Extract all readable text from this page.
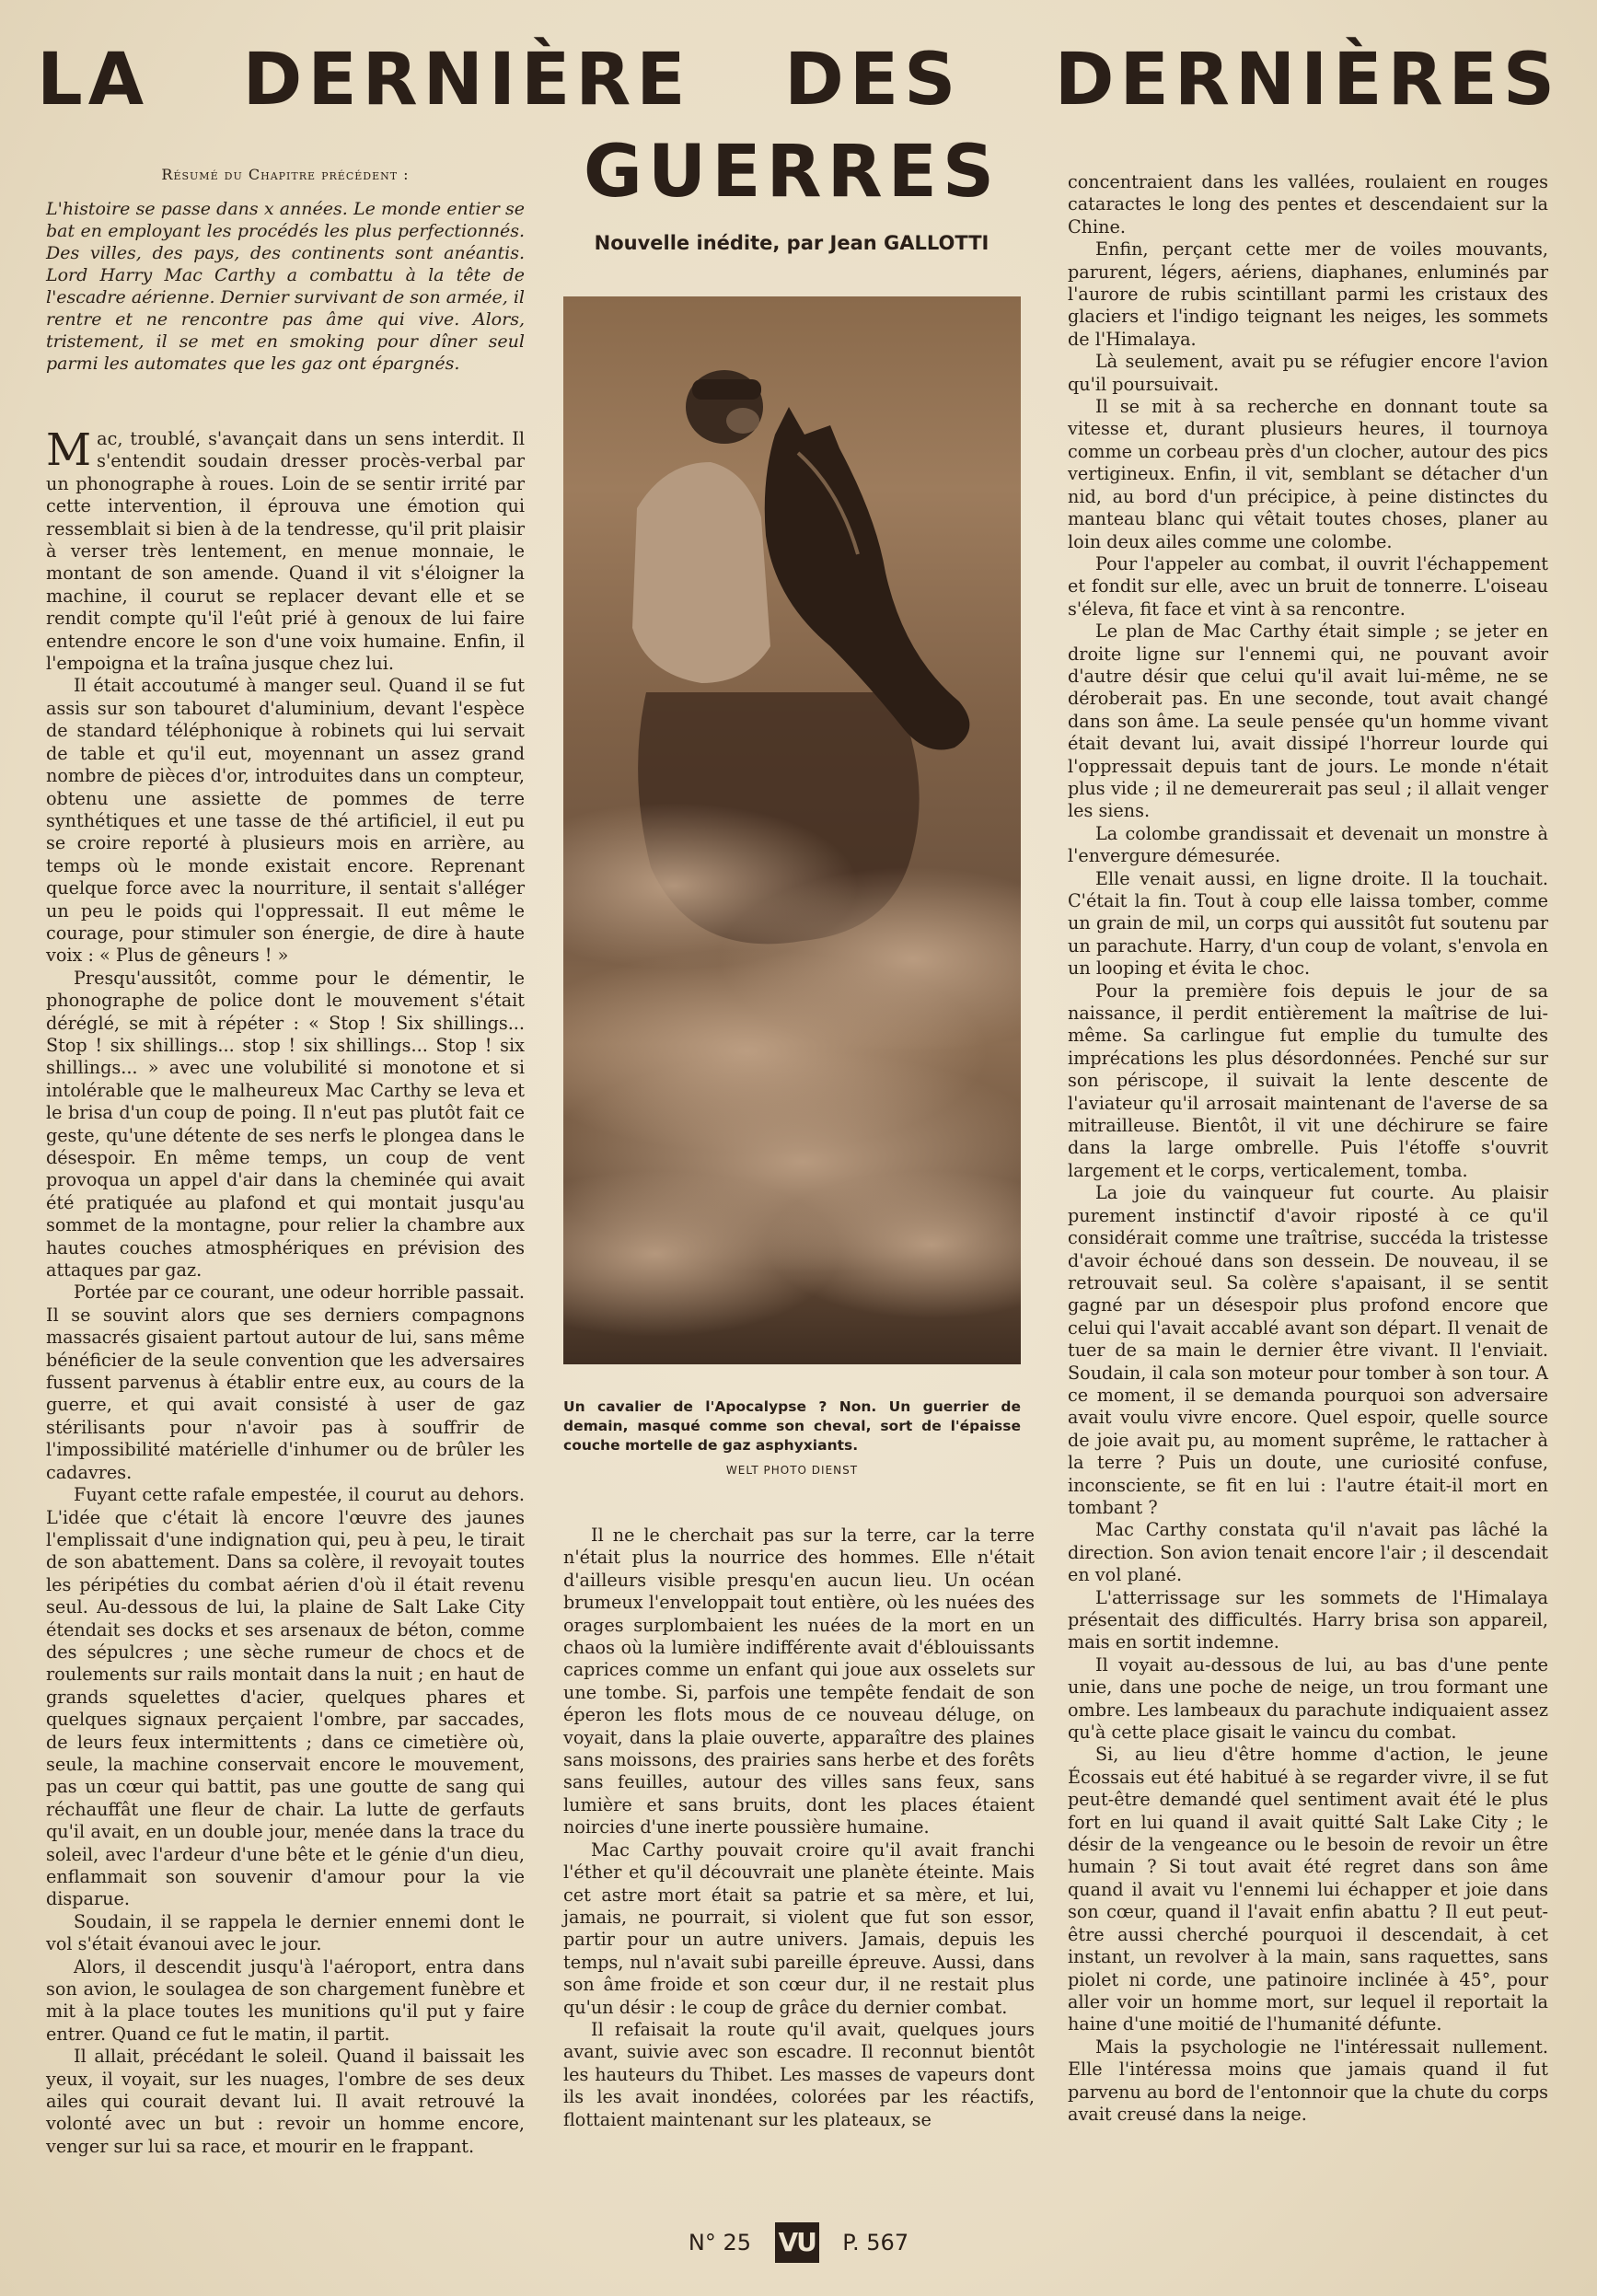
LA DERNIÈRE DES DERNIÈRES
GUERRES
Nouvelle inédite, par Jean GALLOTTI
Résumé du Chapitre précédent :

L'histoire se passe dans x années. Le monde entier se bat en employant les procédés les plus perfectionnés. Des villes, des pays, des continents sont anéantis. Lord Harry Mac Carthy a combattu à la tête de l'escadre aérienne. Dernier survivant de son armée, il rentre et ne rencontre pas âme qui vive. Alors, tristement, il se met en smoking pour dîner seul parmi les automates que les gaz ont épargnés.

Mac, troublé, s'avançait dans un sens interdit. Il s'entendit soudain dresser procès-verbal par un phonographe à roues. Loin de se sentir irrité par cette intervention, il éprouva une émotion qui ressemblait si bien à de la tendresse, qu'il prit plaisir à verser très lentement, en menue monnaie, le montant de son amende. Quand il vit s'éloigner la machine, il courut se replacer devant elle et se rendit compte qu'il l'eût prié à genoux de lui faire entendre encore le son d'une voix humaine. Enfin, il l'empoigna et la traîna jusque chez lui.

Il était accoutumé à manger seul. Quand il se fut assis sur son tabouret d'aluminium, devant l'espèce de standard téléphonique à robinets qui lui servait de table et qu'il eut, moyennant un assez grand nombre de pièces d'or, introduites dans un compteur, obtenu une assiette de pommes de terre synthétiques et une tasse de thé artificiel, il eut pu se croire reporté à plusieurs mois en arrière, au temps où le monde existait encore. Reprenant quelque force avec la nourriture, il sentait s'alléger un peu le poids qui l'oppressait. Il eut même le courage, pour stimuler son énergie, de dire à haute voix : « Plus de gêneurs ! »

Presqu'aussitôt, comme pour le démentir, le phonographe de police dont le mouvement s'était déréglé, se mit à répéter : « Stop ! Six shillings... Stop ! six shillings... stop ! six shillings... Stop ! six shillings... » avec une volubilité si monotone et si intolérable que le malheureux Mac Carthy se leva et le brisa d'un coup de poing. Il n'eut pas plutôt fait ce geste, qu'une détente de ses nerfs le plongea dans le désespoir. En même temps, un coup de vent provoqua un appel d'air dans la cheminée qui avait été pratiquée au plafond et qui montait jusqu'au sommet de la montagne, pour relier la chambre aux hautes couches atmosphériques en prévision des attaques par gaz.

Portée par ce courant, une odeur horrible passait. Il se souvint alors que ses derniers compagnons massacrés gisaient partout autour de lui, sans même bénéficier de la seule convention que les adversaires fussent parvenus à établir entre eux, au cours de la guerre, et qui avait consisté à user de gaz stérilisants pour n'avoir pas à souffrir de l'impossibilité matérielle d'inhumer ou de brûler les cadavres.

Fuyant cette rafale empestée, il courut au dehors. L'idée que c'était là encore l'œuvre des jaunes l'emplissait d'une indignation qui, peu à peu, le tirait de son abattement. Dans sa colère, il revoyait toutes les péripéties du combat aérien d'où il était revenu seul. Au-dessous de lui, la plaine de Salt Lake City étendait ses docks et ses arsenaux de béton, comme des sépulcres ; une sèche rumeur de chocs et de roulements sur rails montait dans la nuit ; en haut de grands squelettes d'acier, quelques phares et quelques signaux perçaient l'ombre, par saccades, de leurs feux intermittents ; dans ce cimetière où, seule, la machine conservait encore le mouvement, pas un cœur qui battit, pas une goutte de sang qui réchauffât une fleur de chair. La lutte de gerfauts qu'il avait, en un double jour, menée dans la trace du soleil, avec l'ardeur d'une bête et le génie d'un dieu, enflammait son souvenir d'amour pour la vie disparue.

Soudain, il se rappela le dernier ennemi dont le vol s'était évanoui avec le jour.

Alors, il descendit jusqu'à l'aéroport, entra dans son avion, le soulagea de son chargement funèbre et mit à la place toutes les munitions qu'il put y faire entrer. Quand ce fut le matin, il partit.

Il allait, précédant le soleil. Quand il baissait les yeux, il voyait, sur les nuages, l'ombre de ses deux ailes qui courait devant lui. Il avait retrouvé la volonté avec un but : revoir un homme encore, venger sur lui sa race, et mourir en le frappant.

Un cavalier de l'Apocalypse ? Non. Un guerrier de demain, masqué comme son cheval, sort de l'épaisse couche mortelle de gaz asphyxiants.
WELT PHOTO DIENST

Il ne le cherchait pas sur la terre, car la terre n'était plus la nourrice des hommes. Elle n'était d'ailleurs visible presqu'en aucun lieu. Un océan brumeux l'enveloppait tout entière, où les nuées des orages surplombaient les nuées de la mort en un chaos où la lumière indifférente avait d'éblouissants caprices comme un enfant qui joue aux osselets sur une tombe. Si, parfois une tempête fendait de son éperon les flots mous de ce nouveau déluge, on voyait, dans la plaie ouverte, apparaître des plaines sans moissons, des prairies sans herbe et des forêts sans feuilles, autour des villes sans feux, sans lumière et sans bruits, dont les places étaient noircies d'une inerte poussière humaine.

Mac Carthy pouvait croire qu'il avait franchi l'éther et qu'il découvrait une planète éteinte. Mais cet astre mort était sa patrie et sa mère, et lui, jamais, ne pourrait, si violent que fut son essor, partir pour un autre univers. Jamais, depuis les temps, nul n'avait subi pareille épreuve. Aussi, dans son âme froide et son cœur dur, il ne restait plus qu'un désir : le coup de grâce du dernier combat.

Il refaisait la route qu'il avait, quelques jours avant, suivie avec son escadre. Il reconnut bientôt les hauteurs du Thibet. Les masses de vapeurs dont ils les avait inondées, colorées par les réactifs, flottaient maintenant sur les plateaux, se

concentraient dans les vallées, roulaient en rouges cataractes le long des pentes et descendaient sur la Chine.

Enfin, perçant cette mer de voiles mouvants, parurent, légers, aériens, diaphanes, enluminés par l'aurore de rubis scintillant parmi les cristaux des glaciers et l'indigo teignant les neiges, les sommets de l'Himalaya.

Là seulement, avait pu se réfugier encore l'avion qu'il poursuivait.

Il se mit à sa recherche en donnant toute sa vitesse et, durant plusieurs heures, il tournoya comme un corbeau près d'un clocher, autour des pics vertigineux. Enfin, il vit, semblant se détacher d'un nid, au bord d'un précipice, à peine distinctes du manteau blanc qui vêtait toutes choses, planer au loin deux ailes comme une colombe.

Pour l'appeler au combat, il ouvrit l'échappement et fondit sur elle, avec un bruit de tonnerre. L'oiseau s'éleva, fit face et vint à sa rencontre.

Le plan de Mac Carthy était simple ; se jeter en droite ligne sur l'ennemi qui, ne pouvant avoir d'autre désir que celui qu'il avait lui-même, ne se déroberait pas. En une seconde, tout avait changé dans son âme. La seule pensée qu'un homme vivant était devant lui, avait dissipé l'horreur lourde qui l'oppressait depuis tant de jours. Le monde n'était plus vide ; il ne demeurerait pas seul ; il allait venger les siens.

La colombe grandissait et devenait un monstre à l'envergure démesurée.

Elle venait aussi, en ligne droite. Il la touchait. C'était la fin. Tout à coup elle laissa tomber, comme un grain de mil, un corps qui aussitôt fut soutenu par un parachute. Harry, d'un coup de volant, s'envola en un looping et évita le choc.

Pour la première fois depuis le jour de sa naissance, il perdit entièrement la maîtrise de lui-même. Sa carlingue fut emplie du tumulte des imprécations les plus désordonnées. Penché sur sur son périscope, il suivait la lente descente de l'aviateur qu'il arrosait maintenant de l'averse de sa mitrailleuse. Bientôt, il vit une déchirure se faire dans la large ombrelle. Puis l'étoffe s'ouvrit largement et le corps, verticalement, tomba.

La joie du vainqueur fut courte. Au plaisir purement instinctif d'avoir riposté à ce qu'il considérait comme une traîtrise, succéda la tristesse d'avoir échoué dans son dessein. De nouveau, il se retrouvait seul. Sa colère s'apaisant, il se sentit gagné par un désespoir plus profond encore que celui qui l'avait accablé avant son départ. Il venait de tuer de sa main le dernier être vivant. Il l'enviait. Soudain, il cala son moteur pour tomber à son tour. A ce moment, il se demanda pourquoi son adversaire avait voulu vivre encore. Quel espoir, quelle source de joie avait pu, au moment suprême, le rattacher à la terre ? Puis un doute, une curiosité confuse, inconsciente, se fit en lui : l'autre était-il mort en tombant ?

Mac Carthy constata qu'il n'avait pas lâché la direction. Son avion tenait encore l'air ; il descendait en vol plané.

L'atterrissage sur les sommets de l'Himalaya présentait des difficultés. Harry brisa son appareil, mais en sortit indemne.

Il voyait au-dessous de lui, au bas d'une pente unie, dans une poche de neige, un trou formant une ombre. Les lambeaux du parachute indiquaient assez qu'à cette place gisait le vaincu du combat.

Si, au lieu d'être homme d'action, le jeune Écossais eut été habitué à se regarder vivre, il se fut peut-être demandé quel sentiment avait été le plus fort en lui quand il avait quitté Salt Lake City ; le désir de la vengeance ou le besoin de revoir un être humain ? Si tout avait été regret dans son âme quand il avait vu l'ennemi lui échapper et joie dans son cœur, quand il l'avait enfin abattu ? Il eut peut-être aussi cherché pourquoi il descendait, à cet instant, un revolver à la main, sans raquettes, sans piolet ni corde, une patinoire inclinée à 45°, pour aller voir un homme mort, sur lequel il reportait la haine d'une moitié de l'humanité défunte.

Mais la psychologie ne l'intéressait nullement. Elle l'intéressa moins que jamais quand il fut parvenu au bord de l'entonnoir que la chute du corps avait creusé dans la neige.

N° 25 VU P. 567
